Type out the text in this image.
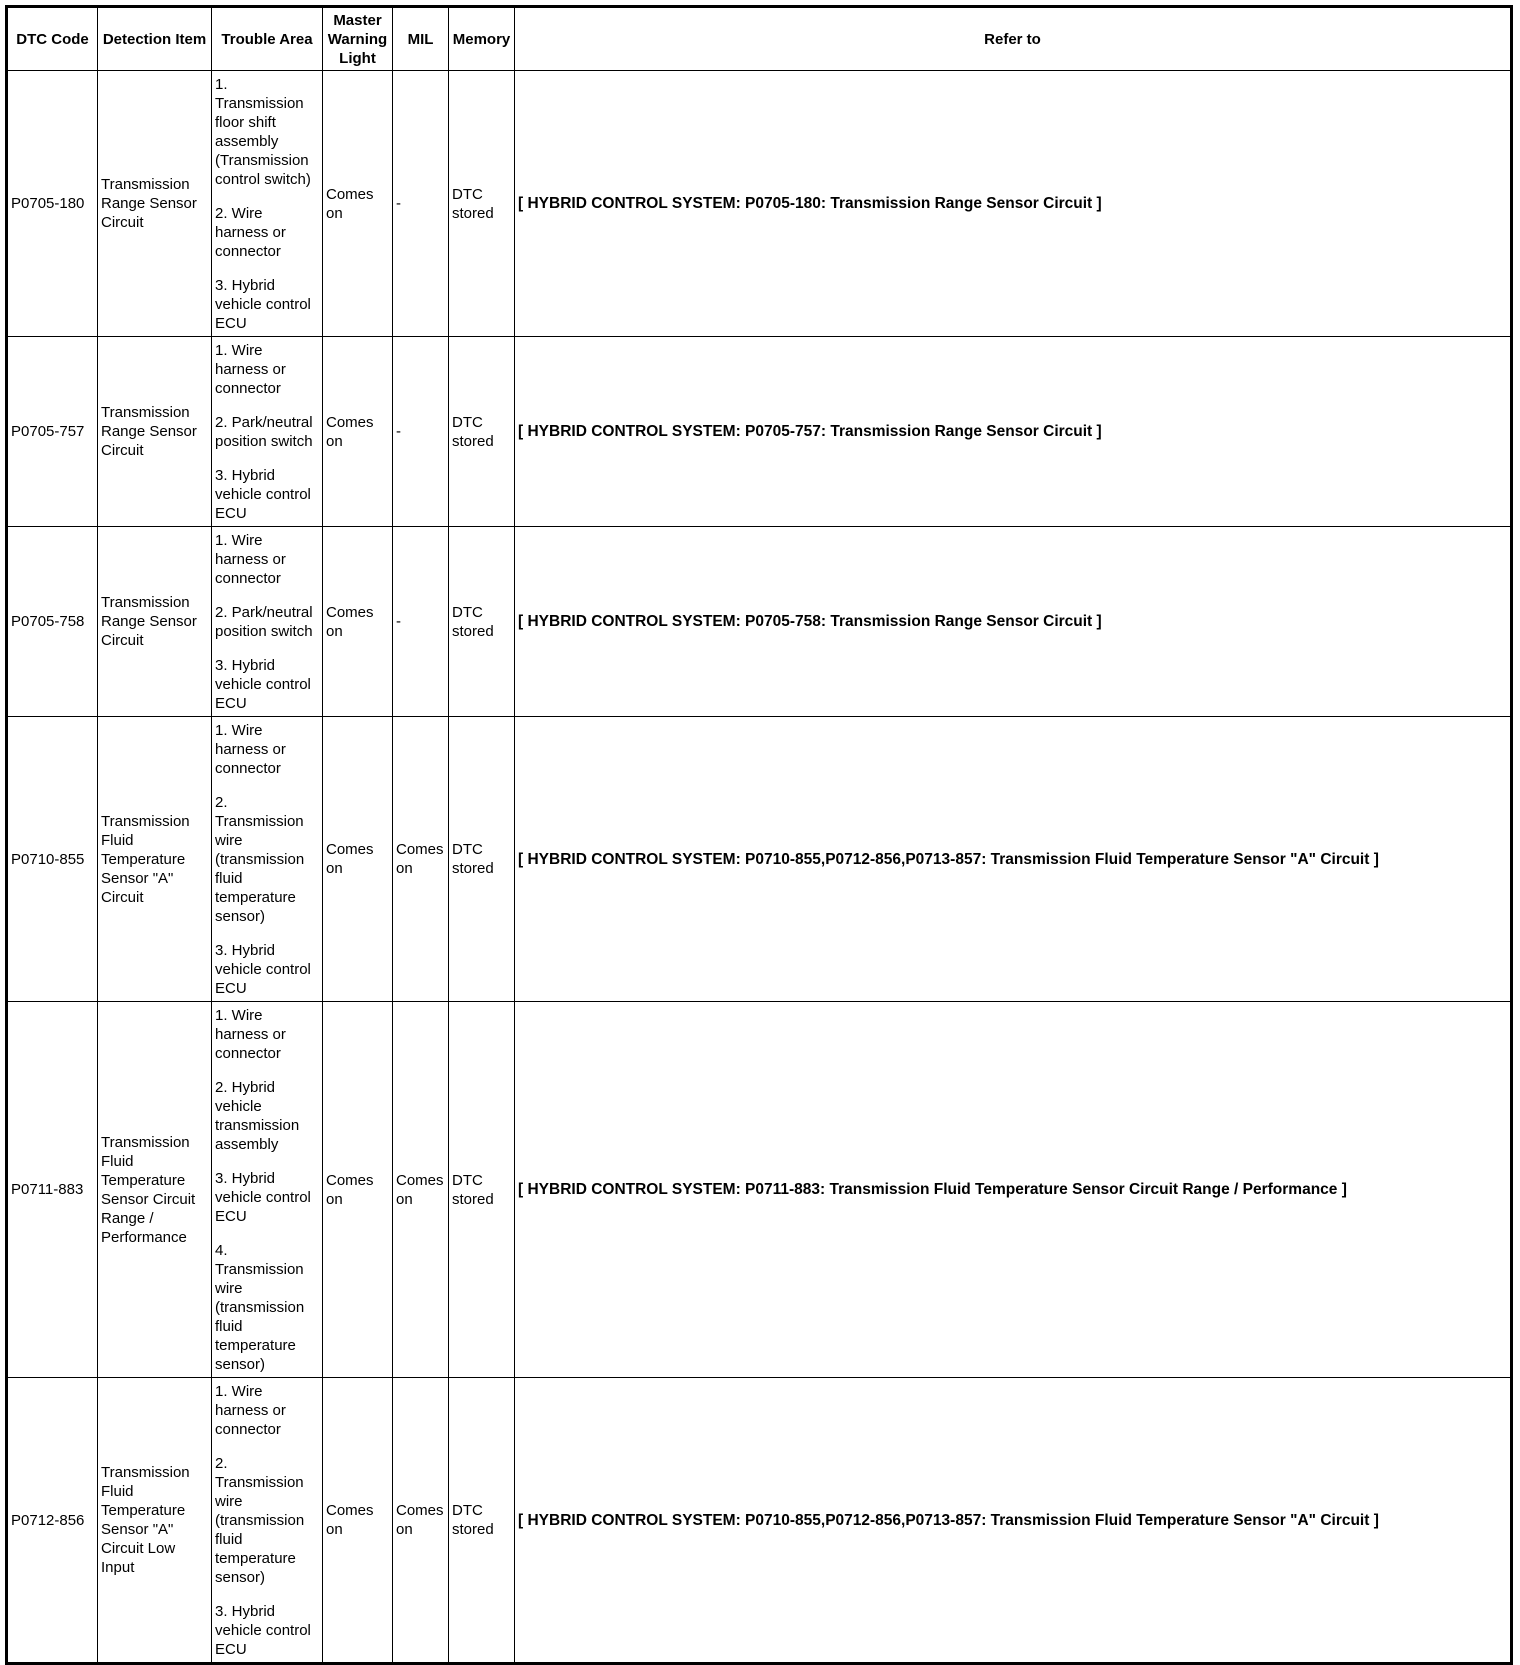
DTC Code	Detection Item	Trouble Area	Master Warning Light	MIL	Memory	Refer to
P0705-180	Transmission Range Sensor Circuit	1. Transmission floor shift assembly (Transmission control switch)
2. Wire harness or connector
3. Hybrid vehicle control ECU	Comes on	-	DTC stored	[ HYBRID CONTROL SYSTEM: P0705-180: Transmission Range Sensor Circuit ]
P0705-757	Transmission Range Sensor Circuit	1. Wire harness or connector
2. Park/neutral position switch
3. Hybrid vehicle control ECU	Comes on	-	DTC stored	[ HYBRID CONTROL SYSTEM: P0705-757: Transmission Range Sensor Circuit ]
P0705-758	Transmission Range Sensor Circuit	1. Wire harness or connector
2. Park/neutral position switch
3. Hybrid vehicle control ECU	Comes on	-	DTC stored	[ HYBRID CONTROL SYSTEM: P0705-758: Transmission Range Sensor Circuit ]
P0710-855	Transmission Fluid Temperature Sensor "A" Circuit	1. Wire harness or connector
2. Transmission wire (transmission fluid temperature sensor)
3. Hybrid vehicle control ECU	Comes on	Comes on	DTC stored	[ HYBRID CONTROL SYSTEM: P0710-855,P0712-856,P0713-857: Transmission Fluid Temperature Sensor "A" Circuit ]
P0711-883	Transmission Fluid Temperature Sensor Circuit Range / Performance	1. Wire harness or connector
2. Hybrid vehicle transmission assembly
3. Hybrid vehicle control ECU
4. Transmission wire (transmission fluid temperature sensor)	Comes on	Comes on	DTC stored	[ HYBRID CONTROL SYSTEM: P0711-883: Transmission Fluid Temperature Sensor Circuit Range / Performance ]
P0712-856	Transmission Fluid Temperature Sensor "A" Circuit Low Input	1. Wire harness or connector
2. Transmission wire (transmission fluid temperature sensor)
3. Hybrid vehicle control ECU	Comes on	Comes on	DTC stored	[ HYBRID CONTROL SYSTEM: P0710-855,P0712-856,P0713-857: Transmission Fluid Temperature Sensor "A" Circuit ]
